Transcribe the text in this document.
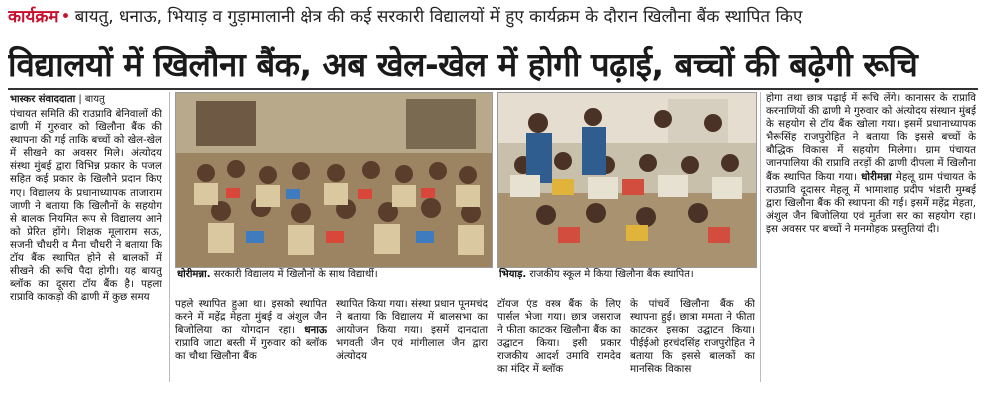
कार्यक्रम • बायतु, धनाऊ, भियाड़ व गुड़ामालानी क्षेत्र की कई सरकारी विद्यालयों में हुए कार्यक्रम के दौरान खिलौना बैंक स्थापित किए
विद्यालयों में खिलौना बैंक, अब खेल-खेल में होगी पढ़ाई, बच्चों की बढ़ेगी रूचि
भास्कर संवाददाता | बायतु

पंचायत समिति की राउप्रावि बेनिवालों की ढाणी में गुरुवार को खिलौना बैंक की स्थापना की गई ताकि बच्चों को खेल-खेल में सीखने का अवसर मिले। अंत्योदय संस्था मुंबई द्वारा विभिन्न प्रकार के पजल सहित कई प्रकार के खिलौने प्रदान किए गए। विद्यालय के प्रधानाध्यापक ताजाराम जाणी ने बताया कि खिलौनों के सहयोग से बालक नियमित रूप से विद्यालय आने को प्रेरित होंगे। शिक्षक मूलाराम सऊ, सजनी चौधरी व मैना चौधरी ने बताया कि टॉय बैंक स्थापित होने से बालकों में सीखने की रूचि पैदा होगी। यह बायतु ब्लॉक का दूसरा टॉय बैंक है। पहला राप्रावि काकड़ो की ढाणी में कुछ समय

धोरीमन्ना. सरकारी विद्यालय में खिलौनों के साथ विद्यार्थी।	भियाड़. राजकीय स्कूल मे किया खिलौना बैंक स्थापित।

पहले स्थापित हुआ था। इसको स्थापित करने में महेंद्र मेहता मुंबई व अंशुल जैन बिजोलिया का योगदान रहा। धनाऊ राप्रावि जाटा बस्ती में गुरुवार को ब्लॉक का चौथा खिलौना बैंक

स्थापित किया गया। संस्था प्रधान पूनमचंद ने बताया कि विद्यालय में बालसभा का आयोजन किया गया। इसमें दानदाता भगवती जैन एवं मांगीलाल जैन द्वारा अंत्योदय

टॉयज एंड वस्त्र बैंक के लिए पार्सल भेजा गया। छात्र जसराज ने फीता काटकर खिलौना बैंक का उद्घाटन किया। इसी प्रकार राजकीय आदर्श उमावि रामदेव का मंदिर में ब्लॉक

के पांचवें खिलौना बैंक की स्थापना हुई। छात्रा ममता ने फीता काटकर इसका उद्घाटन किया। पीईईओ हरचंदसिंह राजपुरोहित ने बताया कि इससे बालकों का मानसिक विकास

होगा तथा छात्र पढ़ाई में रूचि लेंगे। कानासर के राप्रावि करनाणियों की ढाणी मे गुरुवार को अंत्योदय संस्थान मुंबई के सहयोग से टॉय बैंक खोला गया। इसमें प्रधानाध्यापक भैरूसिंह राजपुरोहित ने बताया कि इससे बच्चों के बौद्धिक विकास में सहयोग मिलेगा। ग्राम पंचायत जानपालिया की राप्रावि तरड़ों की ढाणी दीपला में खिलौना बैंक स्थापित किया गया। धोरीमन्ना मेहलू ग्राम पंचायत के राउप्रावि दूदासर मेहलू में भामाशाह प्रदीप भंडारी मुम्बई द्वारा खिलौना बैंक की स्थापना की गई। इसमें महेंद्र मेहता, अंशुल जैन बिजोलिया एवं मुर्तजा सर का सहयोग रहा। इस अवसर पर बच्चों ने मनमोहक प्रस्तुतियां दी।
